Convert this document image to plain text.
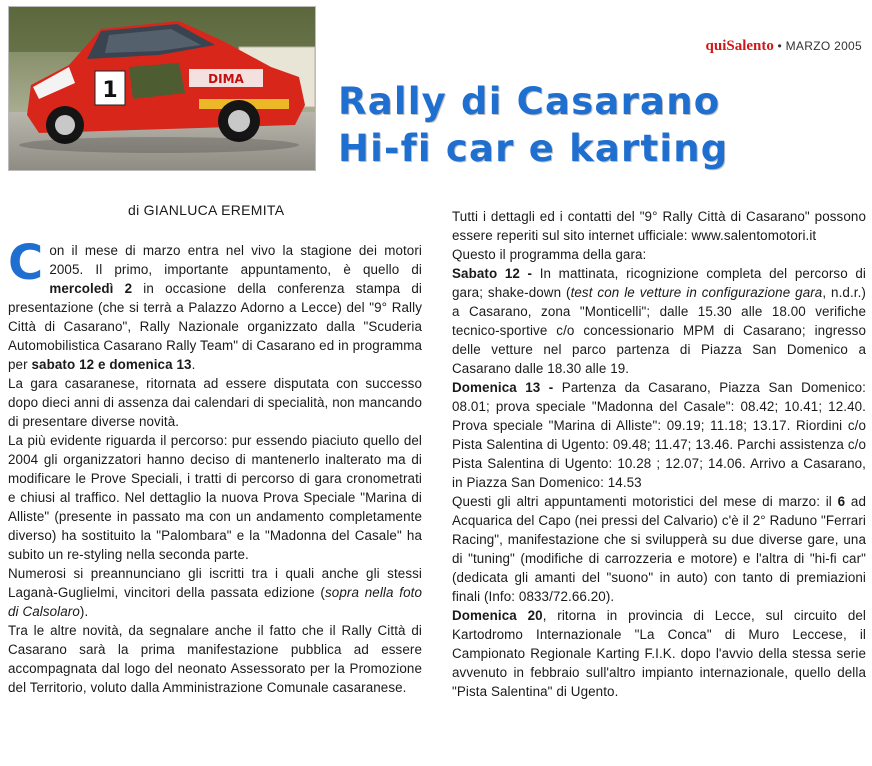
1	DIMA
quiSalento • MARZO 2005
Rally di Casarano
Hi-fi car e karting
di GIANLUCA EREMITA

Con il mese di marzo entra nel vivo la stagione dei motori 2005. Il primo, importante appuntamento, è quello di mercoledì 2 in occasione della conferenza stampa di presentazione (che si terrà a Palazzo Adorno a Lecce) del "9° Rally Città di Casarano", Rally Nazionale organizzato dalla "Scuderia Automobilistica Casarano Rally Team" di Casarano ed in programma per sabato 12 e domenica 13.

La gara casaranese, ritornata ad essere disputata con successo dopo dieci anni di assenza dai calendari di specialità, non mancando di presentare diverse novità.

La più evidente riguarda il percorso: pur essendo piaciuto quello del 2004 gli organizzatori hanno deciso di mantenerlo inalterato ma di modificare le Prove Speciali, i tratti di percorso di gara cronometrati e chiusi al traffico. Nel dettaglio la nuova Prova Speciale "Marina di Alliste" (presente in passato ma con un andamento completamente diverso) ha sostituito la "Palombara" e la "Madonna del Casale" ha subito un re-styling nella seconda parte.

Numerosi si preannunciano gli iscritti tra i quali anche gli stessi Laganà-Guglielmi, vincitori della passata edizione (sopra nella foto di Calsolaro).

Tra le altre novità, da segnalare anche il fatto che il Rally Città di Casarano sarà la prima manifestazione pubblica ad essere accompagnata dal logo del neonato Assessorato per la Promozione del Territorio, voluto dalla Amministrazione Comunale casaranese.

Tutti i dettagli ed i contatti del "9° Rally Città di Casarano" possono essere reperiti sul sito internet ufficiale: www.salentomotori.it

Questo il programma della gara:

Sabato 12 - In mattinata, ricognizione completa del percorso di gara; shake-down (test con le vetture in configurazione gara, n.d.r.) a Casarano, zona "Monticelli"; dalle 15.30 alle 18.00 verifiche tecnico-sportive c/o concessionario MPM di Casarano; ingresso delle vetture nel parco partenza di Piazza San Domenico a Casarano dalle 18.30 alle 19.

Domenica 13 - Partenza da Casarano, Piazza San Domenico: 08.01; prova speciale "Madonna del Casale": 08.42; 10.41; 12.40. Prova speciale "Marina di Alliste": 09.19; 11.18; 13.17. Riordini c/o Pista Salentina di Ugento: 09.48; 11.47; 13.46. Parchi assistenza c/o Pista Salentina di Ugento: 10.28 ; 12.07; 14.06. Arrivo a Casarano, in Piazza San Domenico: 14.53

Questi gli altri appuntamenti motoristici del mese di marzo: il 6 ad Acquarica del Capo (nei pressi del Calvario) c'è il 2° Raduno "Ferrari Racing", manifestazione che si svilupperà su due diverse gare, una di "tuning" (modifiche di carrozzeria e motore) e l'altra di "hi-fi car" (dedicata gli amanti del "suono" in auto) con tanto di premiazioni finali (Info: 0833/72.66.20).

Domenica 20, ritorna in provincia di Lecce, sul circuito del Kartodromo Internazionale "La Conca" di Muro Leccese, il Campionato Regionale Karting F.I.K. dopo l'avvio della stessa serie avvenuto in febbraio sull'altro impianto internazionale, quello della "Pista Salentina" di Ugento.
